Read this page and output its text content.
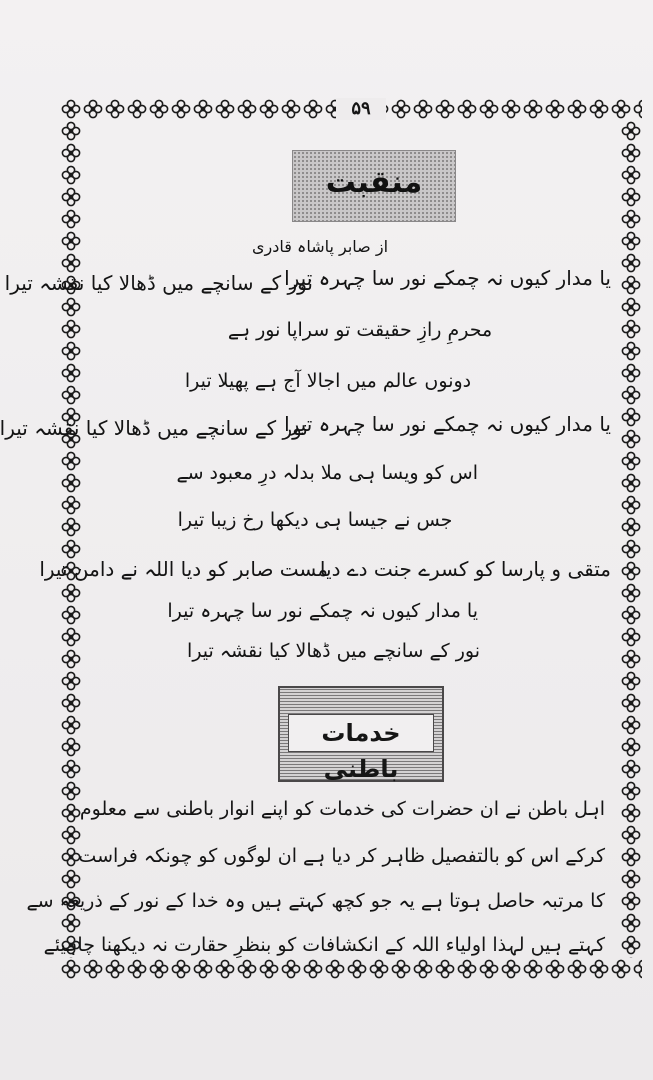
۵۹
منقبت
از صابر پاشاہ قادری
یا مدار کیوں نہ چمکے نور سا چہرہ تیرا
نور کے سانچے میں ڈھالا کیا نقشہ تیرا
محرمِ رازِ حقیقت تو سراپا نور ہے
دونوں عالم میں اجالا آج ہے پھیلا تیرا
یا مدار کیوں نہ چمکے نور سا چہرہ تیرا
نور کے سانچے میں ڈھالا کیا نقشہ تیرا
اس کو ویسا ہی ملا بدلہ درِ معبود سے
جس نے جیسا ہی دیکھا رخ زیبا تیرا
متقی و پارسا کو کسرے جنت دے دیا
مست صابر کو دیا اللہ نے دامن تیرا
یا مدار کیوں نہ چمکے نور سا چہرہ تیرا
نور کے سانچے میں ڈھالا کیا نقشہ تیرا
خدمات باطنی
اہل باطن نے ان حضرات کی خدمات کو اپنے انوار باطنی سے معلوم
کرکے اس کو بالتفصیل ظاہر کر دیا ہے ان لوگوں کو چونکہ فراست
کا مرتبہ حاصل ہوتا ہے یہ جو کچھ کہتے ہیں وہ خدا کے نور کے ذریعہ سے
کہتے ہیں لہذا اولیاء اللہ کے انکشافات کو بنظرِ حقارت نہ دیکھنا چاہیئے
